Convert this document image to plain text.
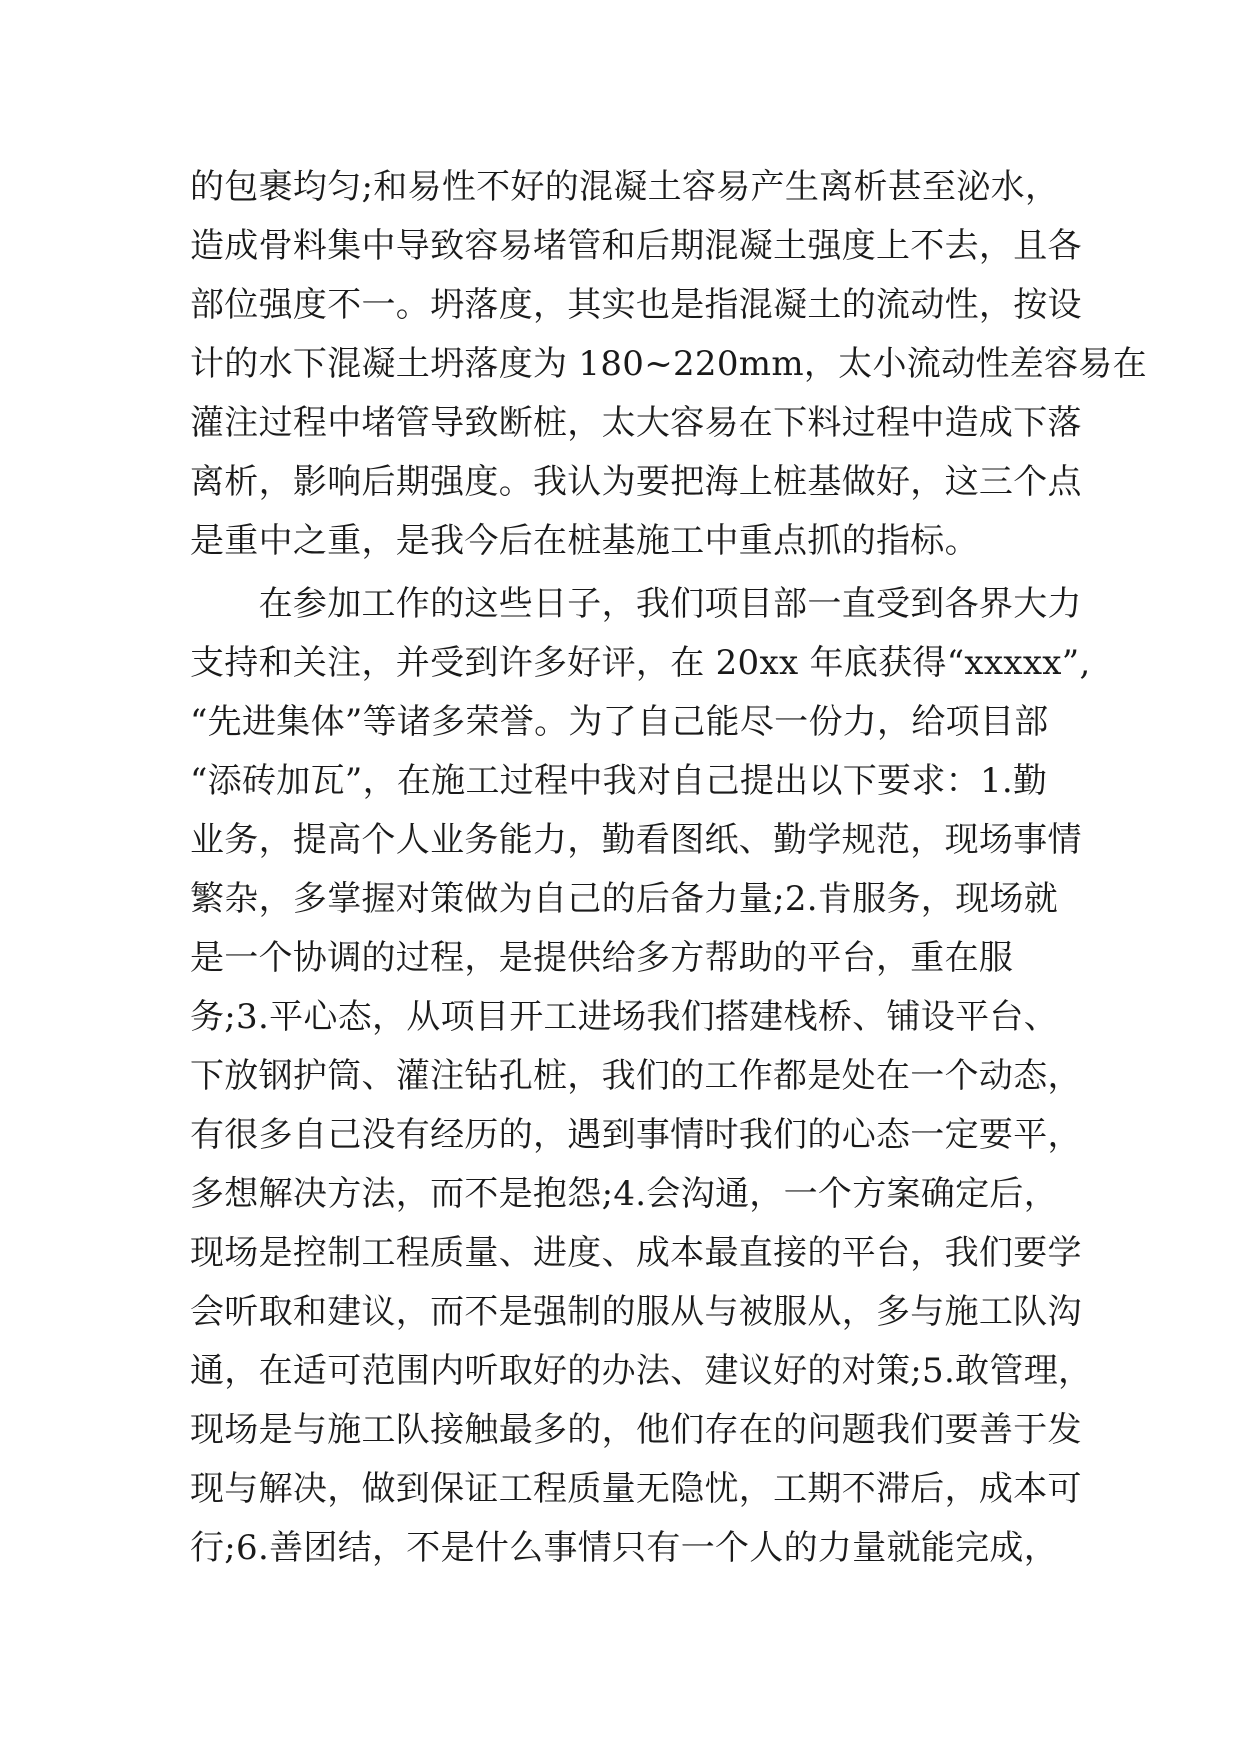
的包裹均匀;和易性不好的混凝土容易产生离析甚至泌水，
造成骨料集中导致容易堵管和后期混凝土强度上不去，且各
部位强度不一。坍落度，其实也是指混凝土的流动性，按设
计的水下混凝土坍落度为 180~220mm，太小流动性差容易在
灌注过程中堵管导致断桩，太大容易在下料过程中造成下落
离析，影响后期强度。我认为要把海上桩基做好，这三个点
是重中之重，是我今后在桩基施工中重点抓的指标。
　　在参加工作的这些日子，我们项目部一直受到各界大力
支持和关注，并受到许多好评，在 20xx 年底获得“xxxxx”,
“先进集体”等诸多荣誉。为了自己能尽一份力，给项目部
“添砖加瓦”，在施工过程中我对自己提出以下要求：1.勤
业务，提高个人业务能力，勤看图纸、勤学规范，现场事情
繁杂，多掌握对策做为自己的后备力量;2.肯服务，现场就
是一个协调的过程，是提供给多方帮助的平台，重在服
务;3.平心态，从项目开工进场我们搭建栈桥、铺设平台、
下放钢护筒、灌注钻孔桩，我们的工作都是处在一个动态，
有很多自己没有经历的，遇到事情时我们的心态一定要平，
多想解决方法，而不是抱怨;4.会沟通，一个方案确定后，
现场是控制工程质量、进度、成本最直接的平台，我们要学
会听取和建议，而不是强制的服从与被服从，多与施工队沟
通，在适可范围内听取好的办法、建议好的对策;5.敢管理，
现场是与施工队接触最多的，他们存在的问题我们要善于发
现与解决，做到保证工程质量无隐忧，工期不滞后，成本可
行;6.善团结，不是什么事情只有一个人的力量就能完成，
